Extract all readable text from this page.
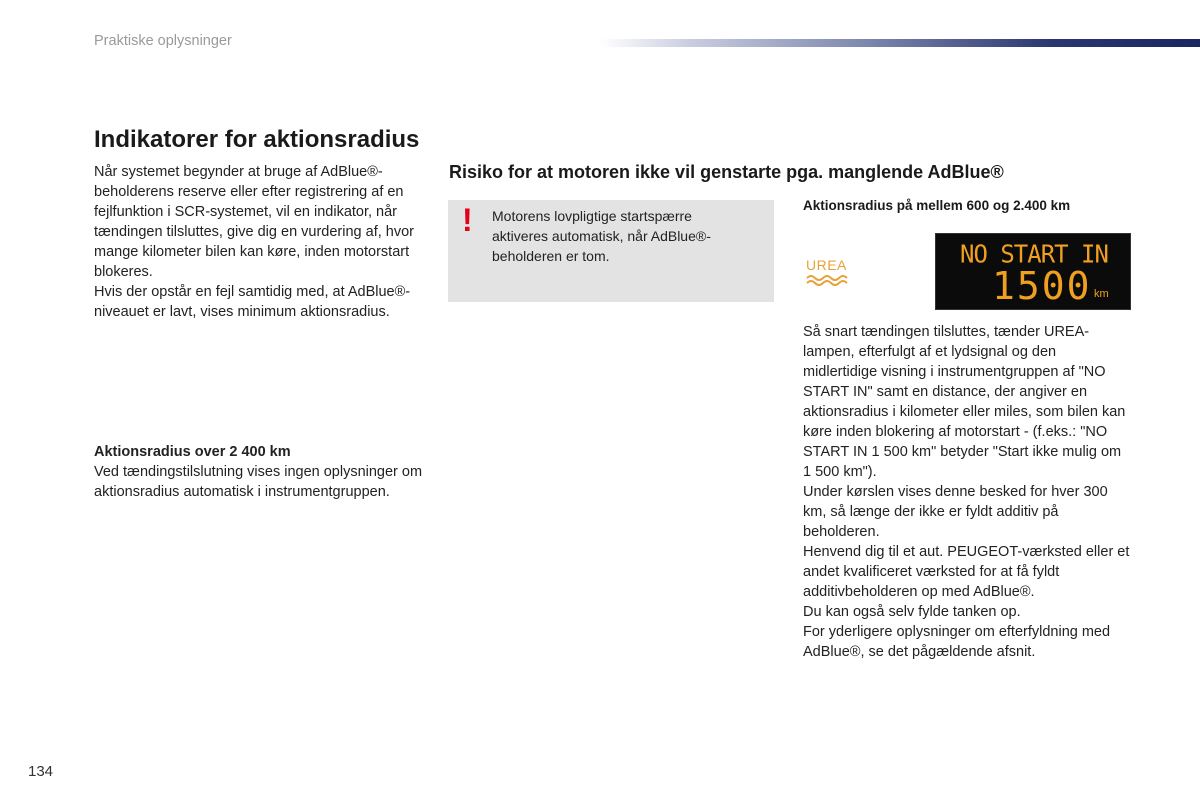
Praktiske oplysninger
Indikatorer for aktionsradius

Når systemet begynder at bruge af AdBlue®-beholderens reserve eller efter registrering af en fejlfunktion i SCR-systemet, vil en indikator, når tændingen tilsluttes, give dig en vurdering af, hvor mange kilometer bilen kan køre, inden motorstart blokeres.

Hvis der opstår en fejl samtidig med, at AdBlue®-niveauet er lavt, vises minimum aktionsradius.

Aktionsradius over 2 400 km

Ved tændingstilslutning vises ingen oplysninger om aktionsradius automatisk i instrumentgruppen.

Risiko for at motoren ikke vil genstarte pga. manglende AdBlue®
! Motorens lovpligtige startspærre aktiveres automatisk, når AdBlue®-beholderen er tom.
Aktionsradius på mellem 600 og 2.400 km
UREA	NO START IN
1500 km

Så snart tændingen tilsluttes, tænder UREA-lampen, efterfulgt af et lydsignal og den midlertidige visning i instrumentgruppen af "NO START IN" samt en distance, der angiver en aktionsradius i kilometer eller miles, som bilen kan køre inden blokering af motorstart - (f.eks.: "NO START IN 1 500 km" betyder "Start ikke mulig om 1 500 km").

Under kørslen vises denne besked for hver 300 km, så længe der ikke er fyldt additiv på beholderen.

Henvend dig til et aut. PEUGEOT-værksted eller et andet kvalificeret værksted for at få fyldt additivbeholderen op med AdBlue®.

Du kan også selv fylde tanken op.

For yderligere oplysninger om efterfyldning med AdBlue®, se det pågældende afsnit.

134
